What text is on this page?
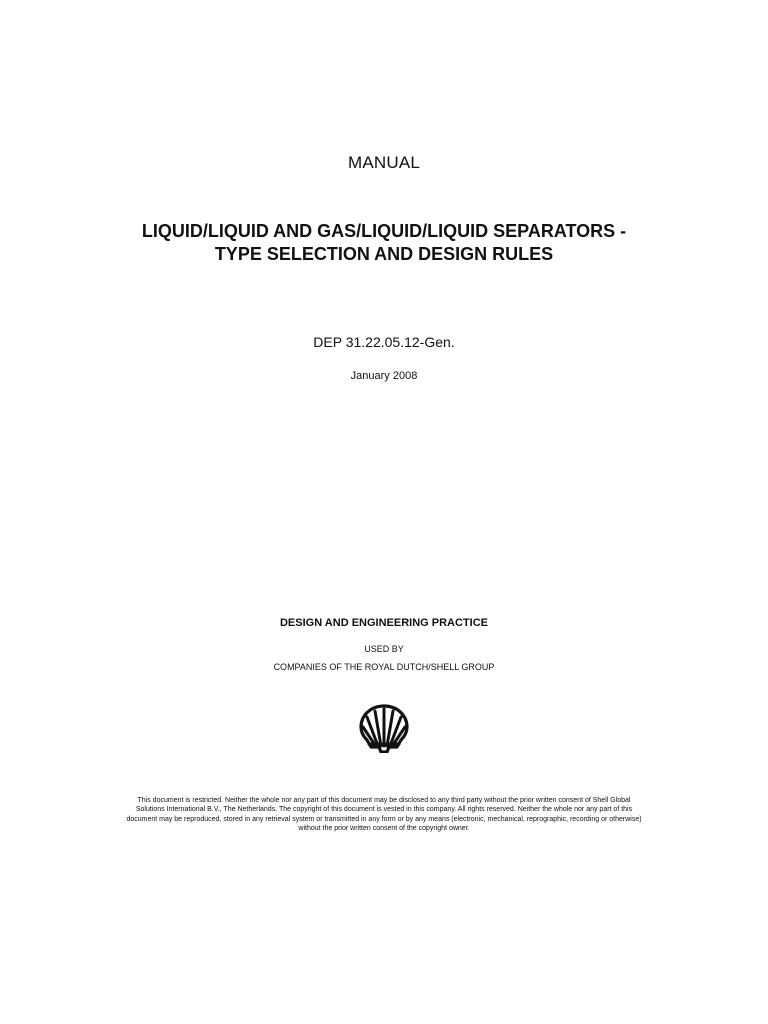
MANUAL
LIQUID/LIQUID AND GAS/LIQUID/LIQUID SEPARATORS -
TYPE SELECTION AND DESIGN RULES
DEP 31.22.05.12-Gen.
January 2008
DESIGN AND ENGINEERING PRACTICE
USED BY
COMPANIES OF THE ROYAL DUTCH/SHELL GROUP
This document is restricted. Neither the whole nor any part of this document may be disclosed to any third party without the prior written consent of Shell Global
Solutions International B.V., The Netherlands. The copyright of this document is vested in this company. All rights reserved. Neither the whole nor any part of this
document may be reproduced, stored in any retrieval system or transmitted in any form or by any means (electronic, mechanical, reprographic, recording or otherwise)
without the prior written consent of the copyright owner.
